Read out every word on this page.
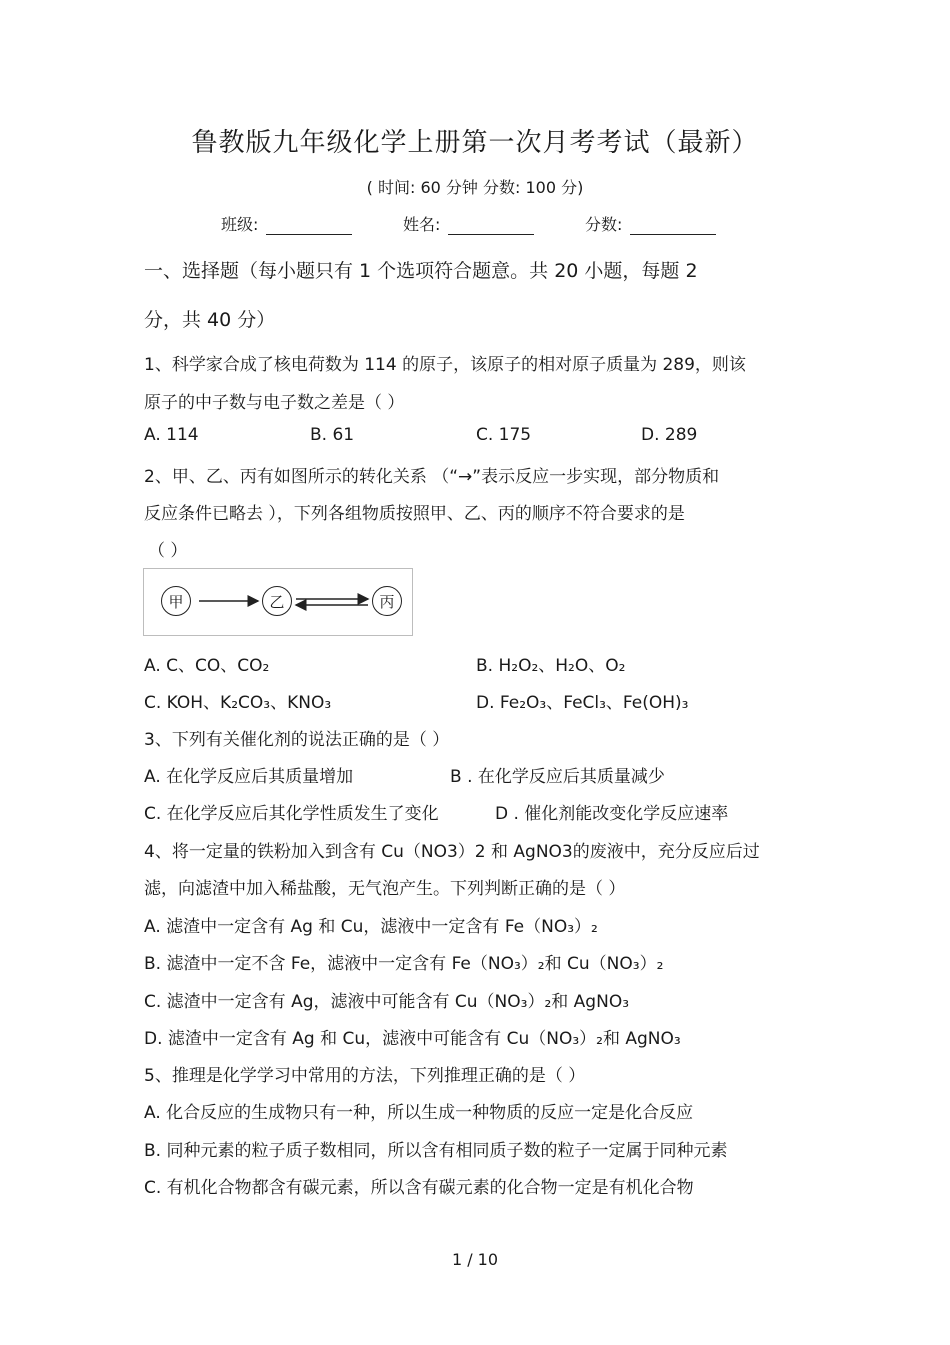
鲁教版九年级化学上册第一次月考考试（最新）
( 时间: 60 分钟 分数: 100 分)
班级:	姓名:	分数:
一、选择题（每小题只有 1 个选项符合题意。共 20 小题，每题 2
分，共 40 分）
1、科学家合成了核电荷数为 114 的原子，该原子的相对原子质量为 289，则该
原子的中子数与电子数之差是（ ）
A. 114	B. 61	C. 175	D. 289
2、甲、乙、丙有如图所示的转化关系 （“→”表示反应一步实现，部分物质和
反应条件已略去 ），下列各组物质按照甲、乙、丙的顺序不符合要求的是
（ ）
甲	乙	丙
A. C、CO、CO₂	B. H₂O₂、H₂O、O₂
C. KOH、K₂CO₃、KNO₃	D. Fe₂O₃、FeCl₃、Fe(OH)₃
3、下列有关催化剂的说法正确的是（ ）
A. 在化学反应后其质量增加	B . 在化学反应后其质量减少
C. 在化学反应后其化学性质发生了变化	D . 催化剂能改变化学反应速率
4、将一定量的铁粉加入到含有 Cu（NO3）2 和 AgNO3的废液中，充分反应后过
滤，向滤渣中加入稀盐酸，无气泡产生。下列判断正确的是（ ）
A. 滤渣中一定含有 Ag 和 Cu，滤液中一定含有 Fe（NO₃）₂
B. 滤渣中一定不含 Fe，滤液中一定含有 Fe（NO₃）₂和 Cu（NO₃）₂
C. 滤渣中一定含有 Ag，滤液中可能含有 Cu（NO₃）₂和 AgNO₃
D. 滤渣中一定含有 Ag 和 Cu，滤液中可能含有 Cu（NO₃）₂和 AgNO₃
5、推理是化学学习中常用的方法，下列推理正确的是（ ）
A. 化合反应的生成物只有一种，所以生成一种物质的反应一定是化合反应
B. 同种元素的粒子质子数相同，所以含有相同质子数的粒子一定属于同种元素
C. 有机化合物都含有碳元素，所以含有碳元素的化合物一定是有机化合物
1 / 10
